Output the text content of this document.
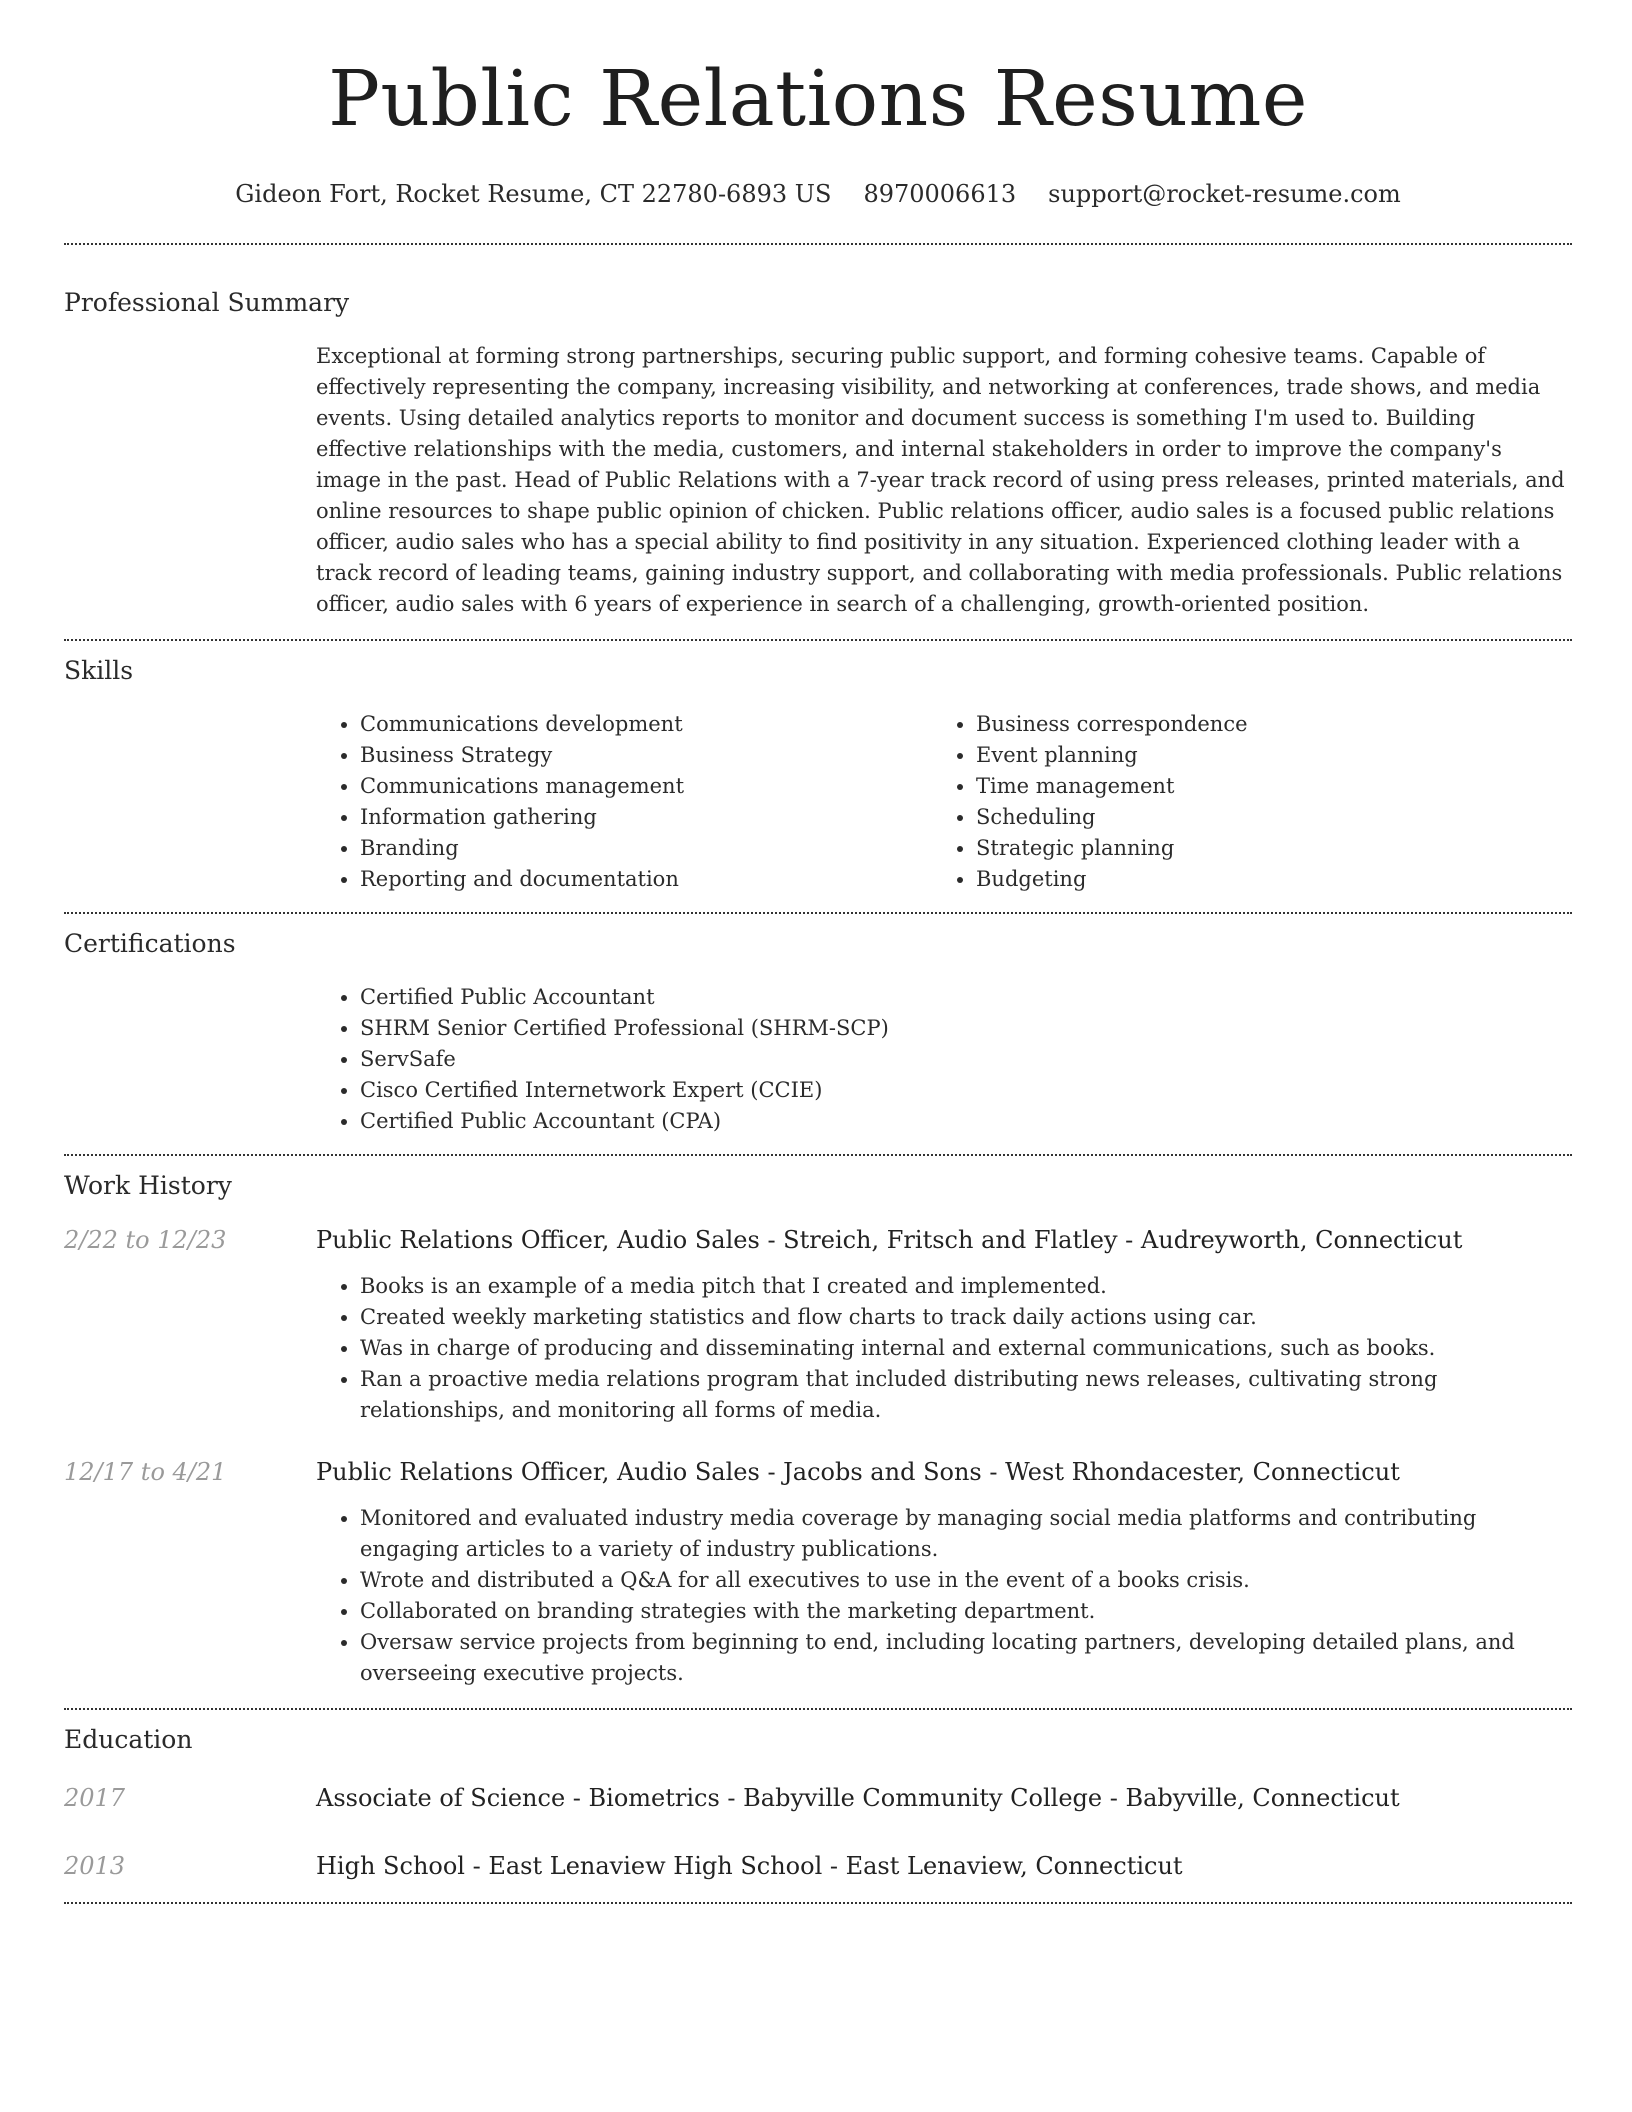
Public Relations Resume
Gideon Fort, Rocket Resume, CT 22780-6893 US 8970006613 support@rocket-resume.com
Professional Summary
Exceptional at forming strong partnerships, securing public support, and forming cohesive teams. Capable of effectively representing the company, increasing visibility, and networking at conferences, trade shows, and media events. Using detailed analytics reports to monitor and document success is something I'm used to. Building effective relationships with the media, customers, and internal stakeholders in order to improve the company's image in the past. Head of Public Relations with a 7-year track record of using press releases, printed materials, and online resources to shape public opinion of chicken. Public relations officer, audio sales is a focused public relations officer, audio sales who has a special ability to find positivity in any situation. Experienced clothing leader with a track record of leading teams, gaining industry support, and collaborating with media professionals. Public relations officer, audio sales with 6 years of experience in search of a challenging, growth-oriented position.
Skills
• Communications development
• Business Strategy
• Communications management
• Information gathering
• Branding
• Reporting and documentation
• Business correspondence
• Event planning
• Time management
• Scheduling
• Strategic planning
• Budgeting
Certifications
• Certified Public Accountant
• SHRM Senior Certified Professional (SHRM-SCP)
• ServSafe
• Cisco Certified Internetwork Expert (CCIE)
• Certified Public Accountant (CPA)
Work History
2/22 to 12/23	Public Relations Officer, Audio Sales - Streich, Fritsch and Flatley - Audreyworth, Connecticut
• Books is an example of a media pitch that I created and implemented.
• Created weekly marketing statistics and flow charts to track daily actions using car.
• Was in charge of producing and disseminating internal and external communications, such as books.
• Ran a proactive media relations program that included distributing news releases, cultivating strong relationships, and monitoring all forms of media.
12/17 to 4/21	Public Relations Officer, Audio Sales - Jacobs and Sons - West Rhondacester, Connecticut
• Monitored and evaluated industry media coverage by managing social media platforms and contributing engaging articles to a variety of industry publications.
• Wrote and distributed a Q&A for all executives to use in the event of a books crisis.
• Collaborated on branding strategies with the marketing department.
• Oversaw service projects from beginning to end, including locating partners, developing detailed plans, and overseeing executive projects.
Education
2017	Associate of Science - Biometrics - Babyville Community College - Babyville, Connecticut
2013	High School - East Lenaview High School - East Lenaview, Connecticut
